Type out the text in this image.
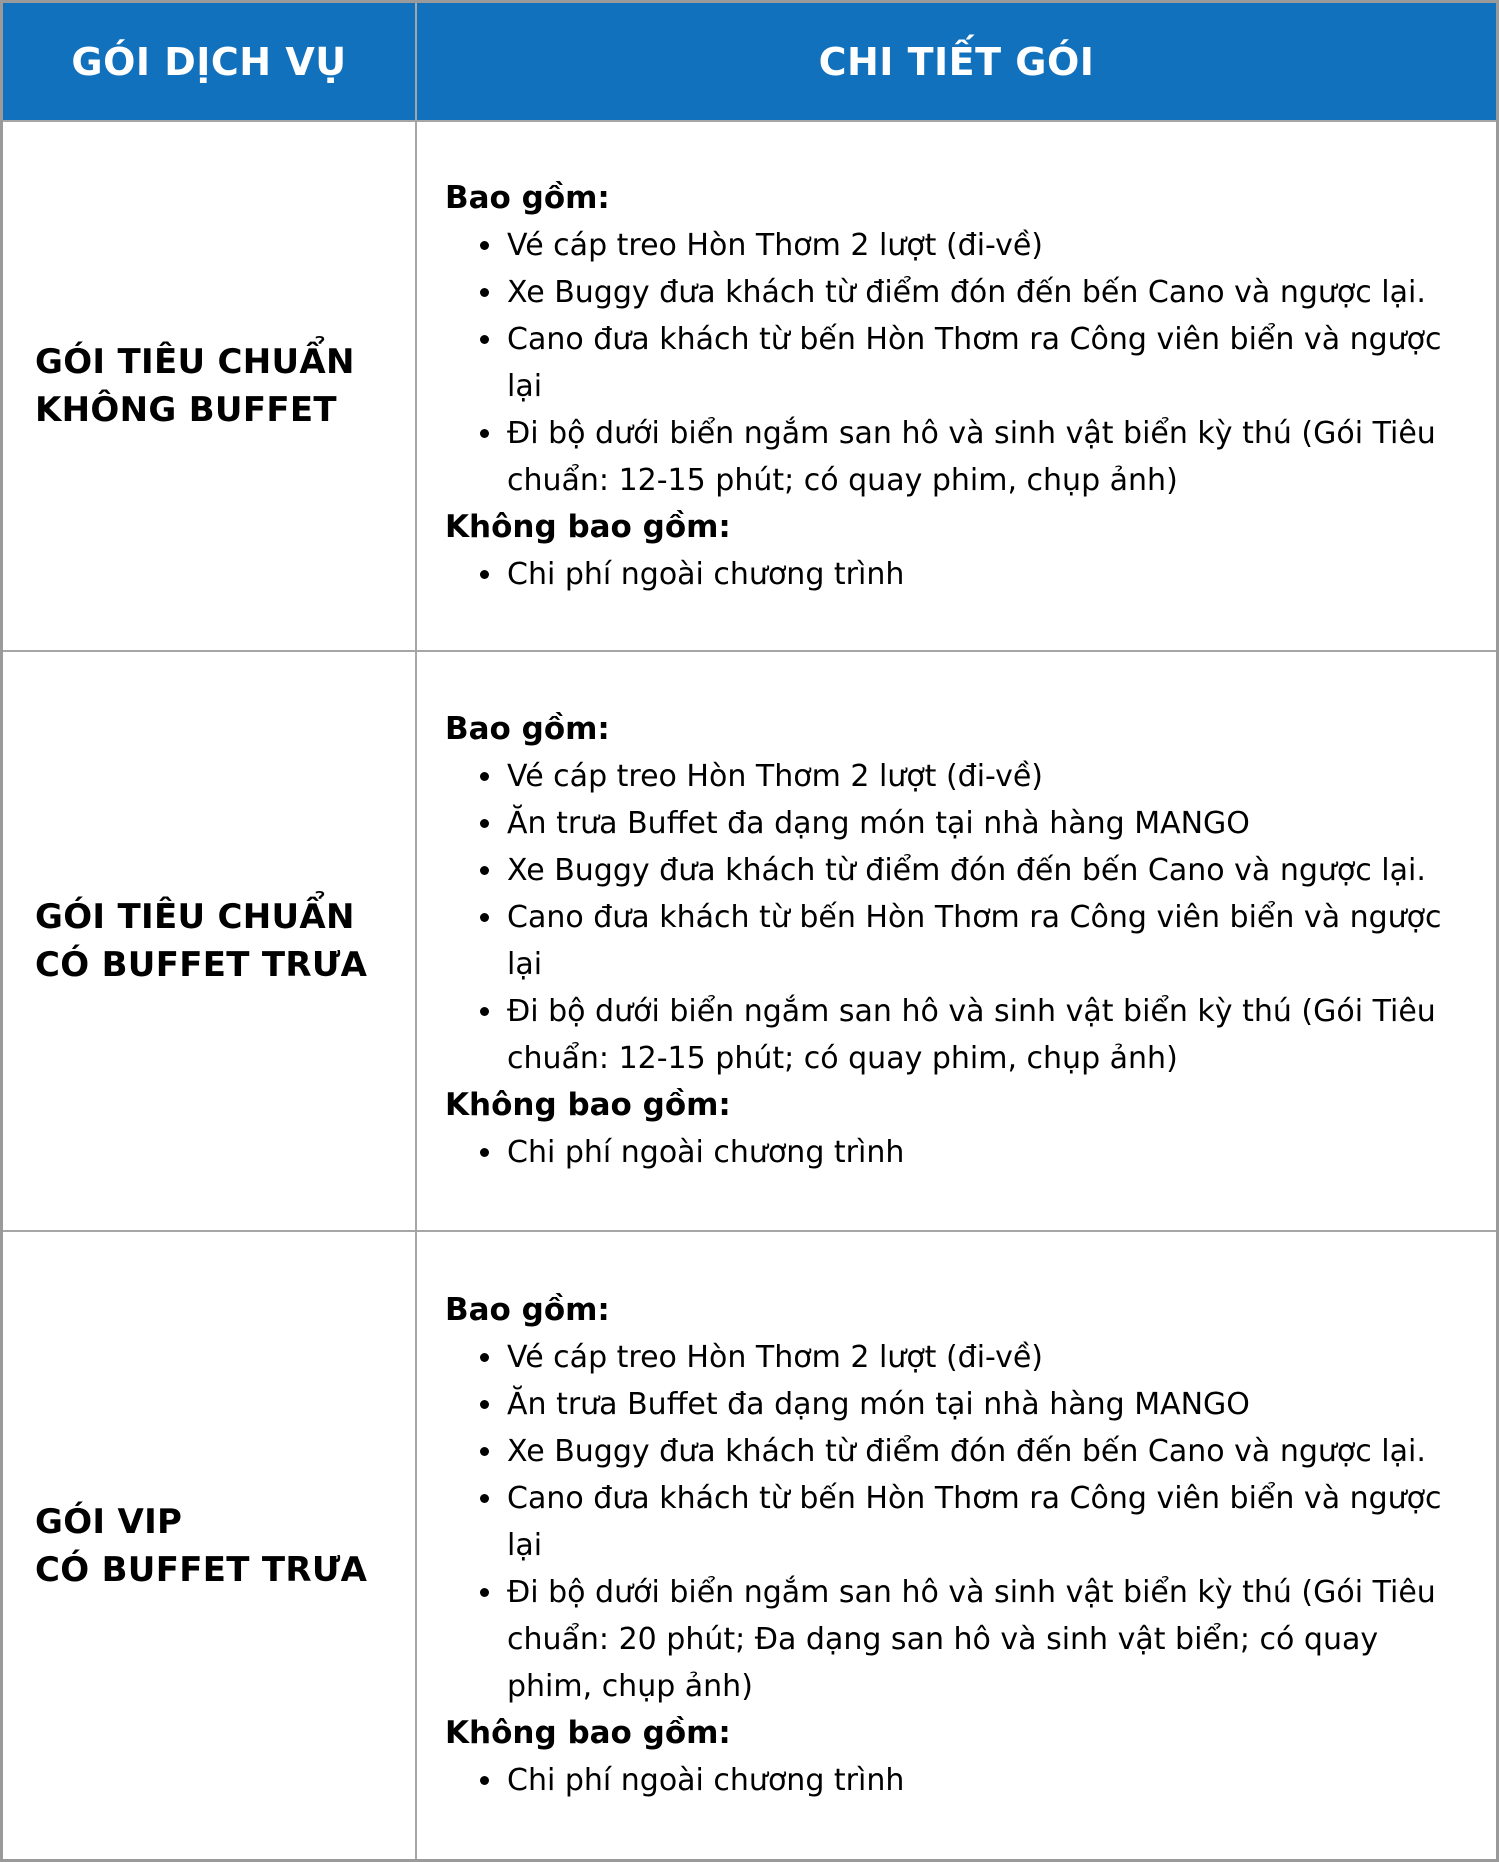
GÓI DỊCH VỤ	CHI TIẾT GÓI
GÓI TIÊU CHUẨN
KHÔNG BUFFET
Bao gồm:
• Vé cáp treo Hòn Thơm 2 lượt (đi-về)
• Xe Buggy đưa khách từ điểm đón đến bến Cano và ngược lại.
• Cano đưa khách từ bến Hòn Thơm ra Công viên biển và ngược lại
• Đi bộ dưới biển ngắm san hô và sinh vật biển kỳ thú (Gói Tiêu chuẩn: 12-15 phút; có quay phim, chụp ảnh)
Không bao gồm:
• Chi phí ngoài chương trình
GÓI TIÊU CHUẨN
CÓ BUFFET TRƯA
Bao gồm:
• Vé cáp treo Hòn Thơm 2 lượt (đi-về)
• Ăn trưa Buffet đa dạng món tại nhà hàng MANGO
• Xe Buggy đưa khách từ điểm đón đến bến Cano và ngược lại.
• Cano đưa khách từ bến Hòn Thơm ra Công viên biển và ngược lại
• Đi bộ dưới biển ngắm san hô và sinh vật biển kỳ thú (Gói Tiêu chuẩn: 12-15 phút; có quay phim, chụp ảnh)
Không bao gồm:
• Chi phí ngoài chương trình
GÓI VIP
CÓ BUFFET TRƯA
Bao gồm:
• Vé cáp treo Hòn Thơm 2 lượt (đi-về)
• Ăn trưa Buffet đa dạng món tại nhà hàng MANGO
• Xe Buggy đưa khách từ điểm đón đến bến Cano và ngược lại.
• Cano đưa khách từ bến Hòn Thơm ra Công viên biển và ngược lại
• Đi bộ dưới biển ngắm san hô và sinh vật biển kỳ thú (Gói Tiêu chuẩn: 20 phút; Đa dạng san hô và sinh vật biển; có quay phim, chụp ảnh)
Không bao gồm:
• Chi phí ngoài chương trình
